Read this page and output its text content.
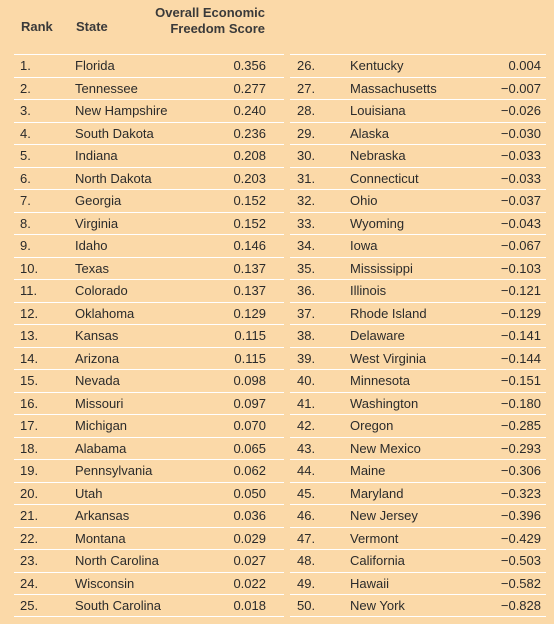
Rank State
Overall Economic
Freedom Score
1.	Florida	0.356
2.	Tennessee	0.277
3.	New Hampshire	0.240
4.	South Dakota	0.236
5.	Indiana	0.208
6.	North Dakota	0.203
7.	Georgia	0.152
8.	Virginia	0.152
9.	Idaho	0.146
10.	Texas	0.137
11.	Colorado	0.137
12.	Oklahoma	0.129
13.	Kansas	0.115
14.	Arizona	0.115
15.	Nevada	0.098
16.	Missouri	0.097
17.	Michigan	0.070
18.	Alabama	0.065
19.	Pennsylvania	0.062
20.	Utah	0.050
21.	Arkansas	0.036
22.	Montana	0.029
23.	North Carolina	0.027
24.	Wisconsin	0.022
25.	South Carolina	0.018
26.	Kentucky	0.004
27.	Massachusetts	−0.007
28.	Louisiana	−0.026
29.	Alaska	−0.030
30.	Nebraska	−0.033
31.	Connecticut	−0.033
32.	Ohio	−0.037
33.	Wyoming	−0.043
34.	Iowa	−0.067
35.	Mississippi	−0.103
36.	Illinois	−0.121
37.	Rhode Island	−0.129
38.	Delaware	−0.141
39.	West Virginia	−0.144
40.	Minnesota	−0.151
41.	Washington	−0.180
42.	Oregon	−0.285
43.	New Mexico	−0.293
44.	Maine	−0.306
45.	Maryland	−0.323
46.	New Jersey	−0.396
47.	Vermont	−0.429
48.	California	−0.503
49.	Hawaii	−0.582
50.	New York	−0.828
